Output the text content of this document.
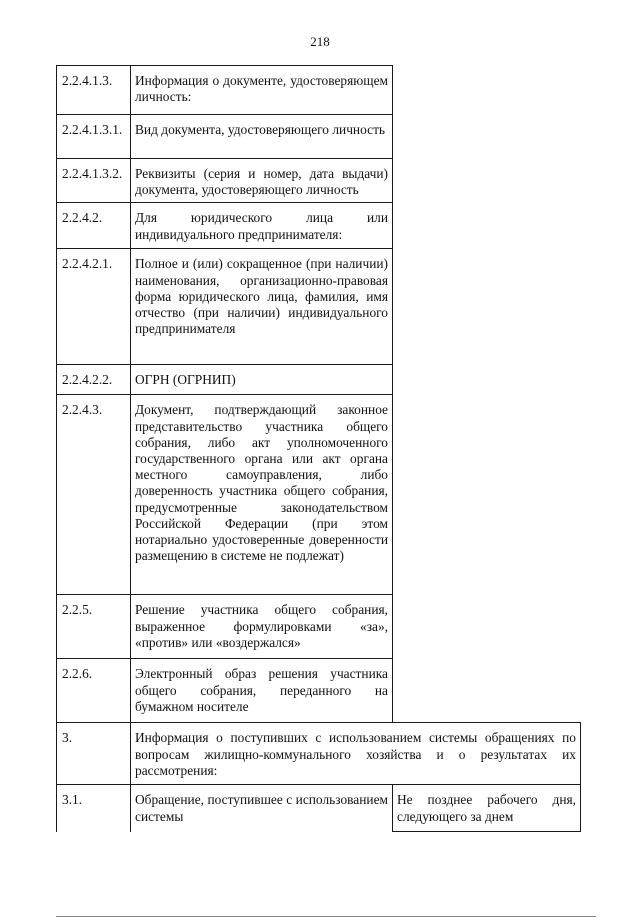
218
2.2.4.1.3.	Информация о документе, удостоверяющем личность:	
2.2.4.1.3.1.	Вид документа, удостоверяющего личность	
2.2.4.1.3.2.	Реквизиты (серия и номер, дата выдачи) документа, удостоверяющего личность	
2.2.4.2.	Для юридического лица или индивидуального предпринимателя:	
2.2.4.2.1.	Полное и (или) сокращенное (при наличии) наименования, организационно-правовая форма юридического лица, фамилия, имя отчество (при наличии) индивидуального предпринимателя	
2.2.4.2.2.	ОГРН (ОГРНИП)	
2.2.4.3.	Документ, подтверждающий законное представительство участника общего собрания, либо акт уполномоченного государственного органа или акт органа местного самоуправления, либо доверенность участника общего собрания, предусмотренные законодательством Российской Федерации (при этом нотариально удостоверенные доверенности размещению в системе не подлежат)	
2.2.5.	Решение участника общего собрания, выраженное формулировками «за», «против» или «воздержался»	
2.2.6.	Электронный образ решения участника общего собрания, переданного на бумажном носителе	
3.	Информация о поступивших с использованием системы обращениях по вопросам жилищно-коммунального хозяйства и о результатах их рассмотрения:	
3.1.	Обращение, поступившее с использованием системы	Не позднее рабочего дня, следующего за днем
